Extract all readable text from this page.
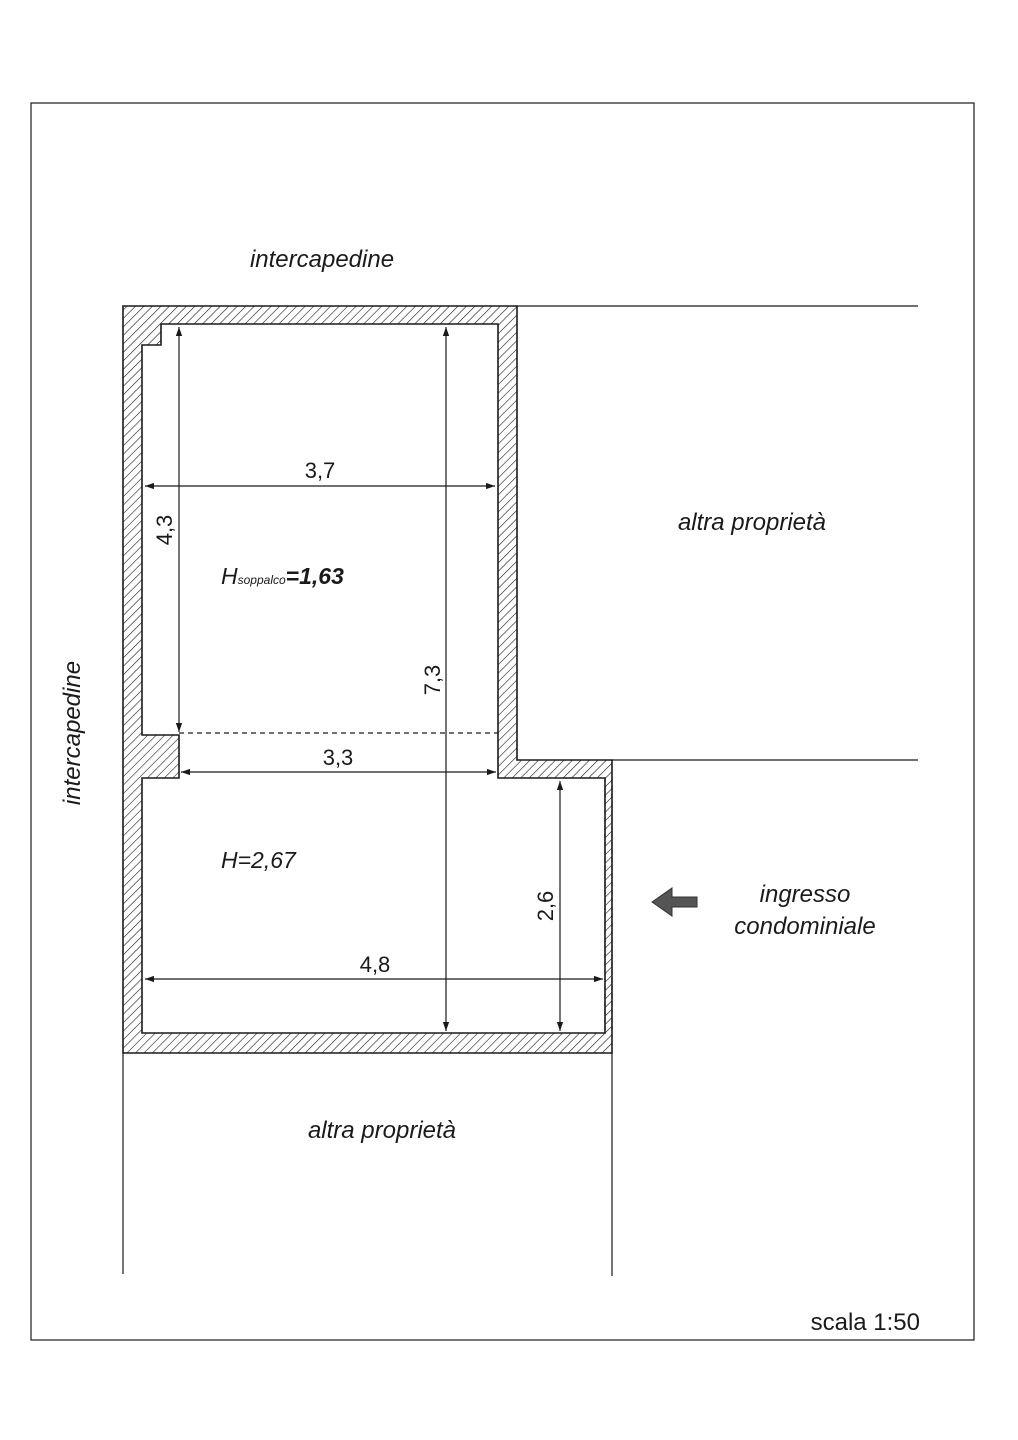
3,7
4,3
7,3
3,3
4,8
2,6
Hsoppalco=1,63
H=2,67
intercapedine
intercapedine
altra proprietà
altra proprietà
ingresso
condominiale
scala 1:50
